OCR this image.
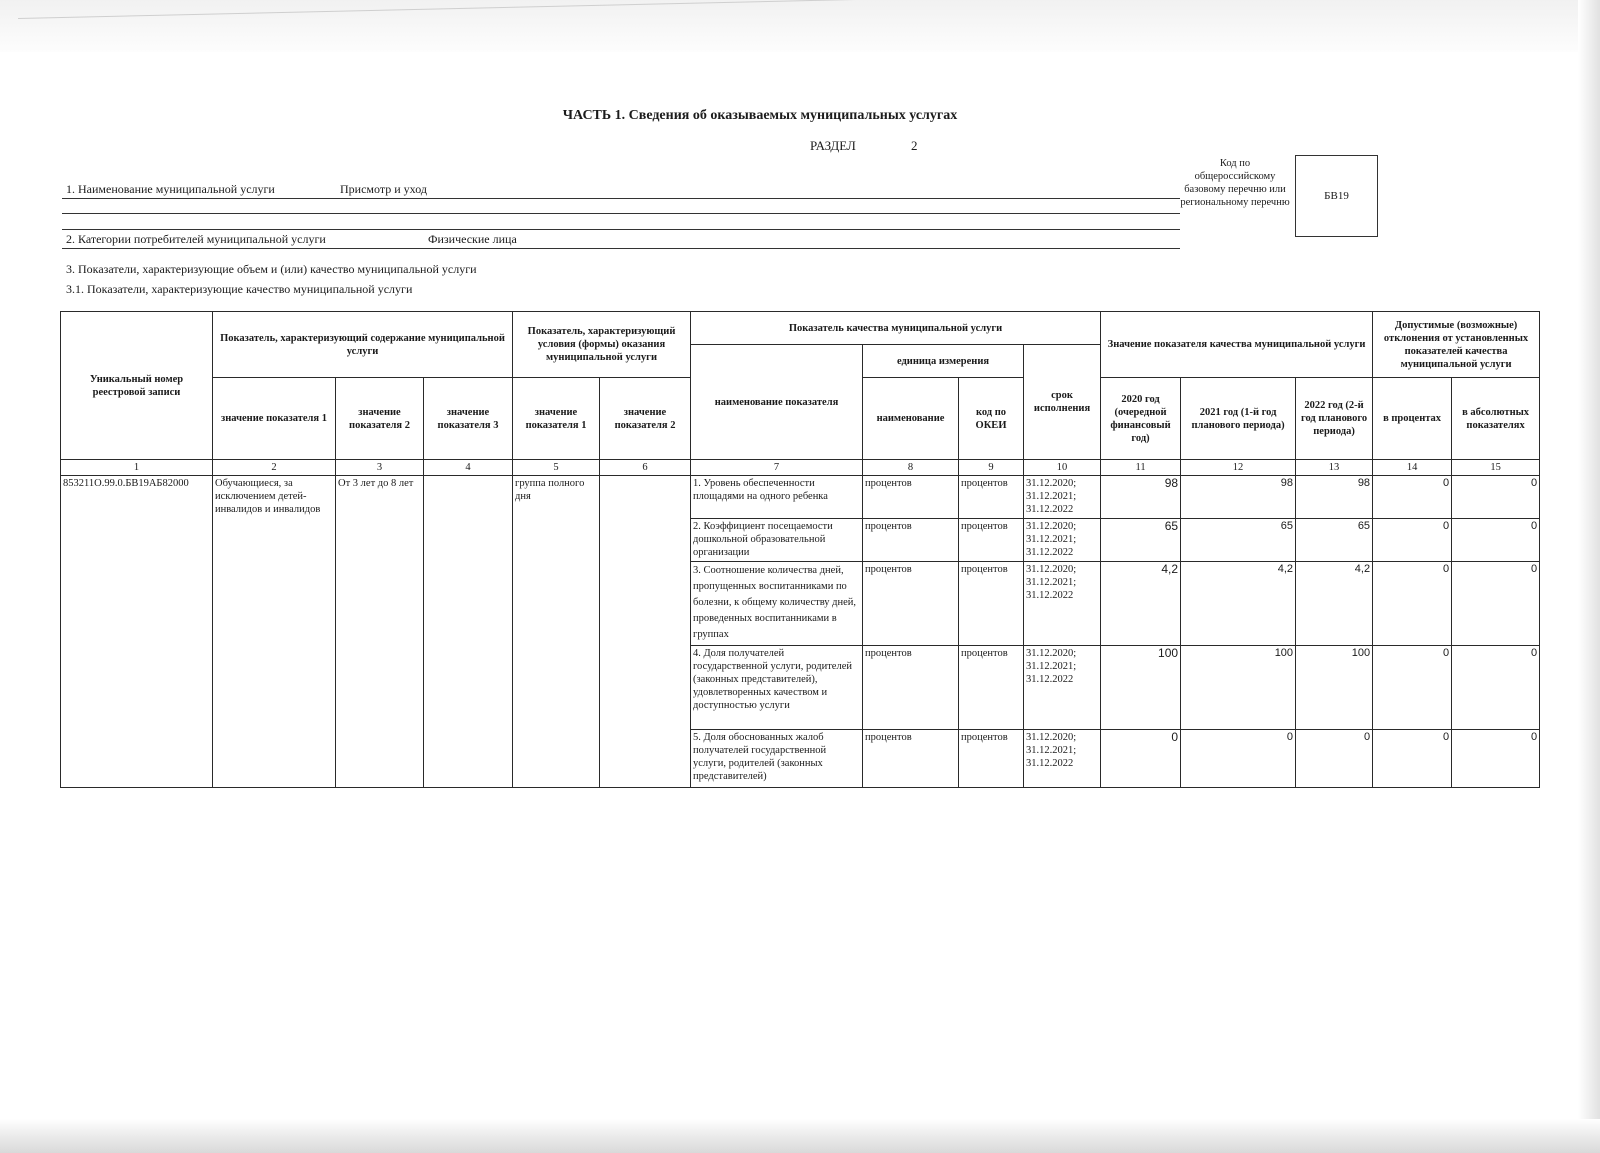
ЧАСТЬ 1. Сведения об оказываемых муниципальных услугах
РАЗДЕЛ	2
1. Наименование муниципальной услуги	Присмотр и уход
2. Категории потребителей муниципальной услуги	Физические лица
Код по общероссийскому базовому перечню или региональному перечню
БВ19
3. Показатели, характеризующие объем и (или) качество муниципальной услуги
3.1. Показатели, характеризующие качество муниципальной услуги
Уникальный номер реестровой записи	Показатель, характеризующий содержание муниципальной услуги			Показатель, характеризующий условия (формы) оказания муниципальной услуги		Показатель качества муниципальной услуги				Значение показателя качества муниципальной услуги			Допустимые (возможные) отклонения от установленных показателей качества муниципальной услуги	
						наименование показателя	единица измерения		срок исполнения					
	значение показателя 1	значение показателя 2	значение показателя 3	значение показателя 1	значение показателя 2		наименование	код по ОКЕИ		2020 год (очередной финансовый год)	2021 год (1-й год планового периода)	2022 год (2-й год планового периода)	в процентах	в абсолютных показателях
1	2	3	4	5	6	7	8	9	10	11	12	13	14	15
853211О.99.0.БВ19АБ82000	Обучающиеся, за исключением детей-инвалидов и инвалидов	От 3 лет до 8 лет		группа полного дня		1. Уровень обеспеченности площадями на одного ребенка	процентов	процентов	31.12.2020; 31.12.2021; 31.12.2022	98	98	98	0	0
						2. Коэффициент посещаемости дошкольной образовательной организации	процентов	процентов	31.12.2020; 31.12.2021; 31.12.2022	65	65	65	0	0
						3. Соотношение количества дней, пропущенных воспитанниками по болезни, к общему количеству дней, проведенных воспитанниками в группах	процентов	процентов	31.12.2020; 31.12.2021; 31.12.2022	4,2	4,2	4,2	0	0
						4. Доля получателей государственной услуги, родителей (законных представителей), удовлетворенных качеством и доступностью услуги	процентов	процентов	31.12.2020; 31.12.2021; 31.12.2022	100	100	100	0	0
						5. Доля обоснованных жалоб получателей государственной услуги, родителей (законных представителей)	процентов	процентов	31.12.2020; 31.12.2021; 31.12.2022	0	0	0	0	0
